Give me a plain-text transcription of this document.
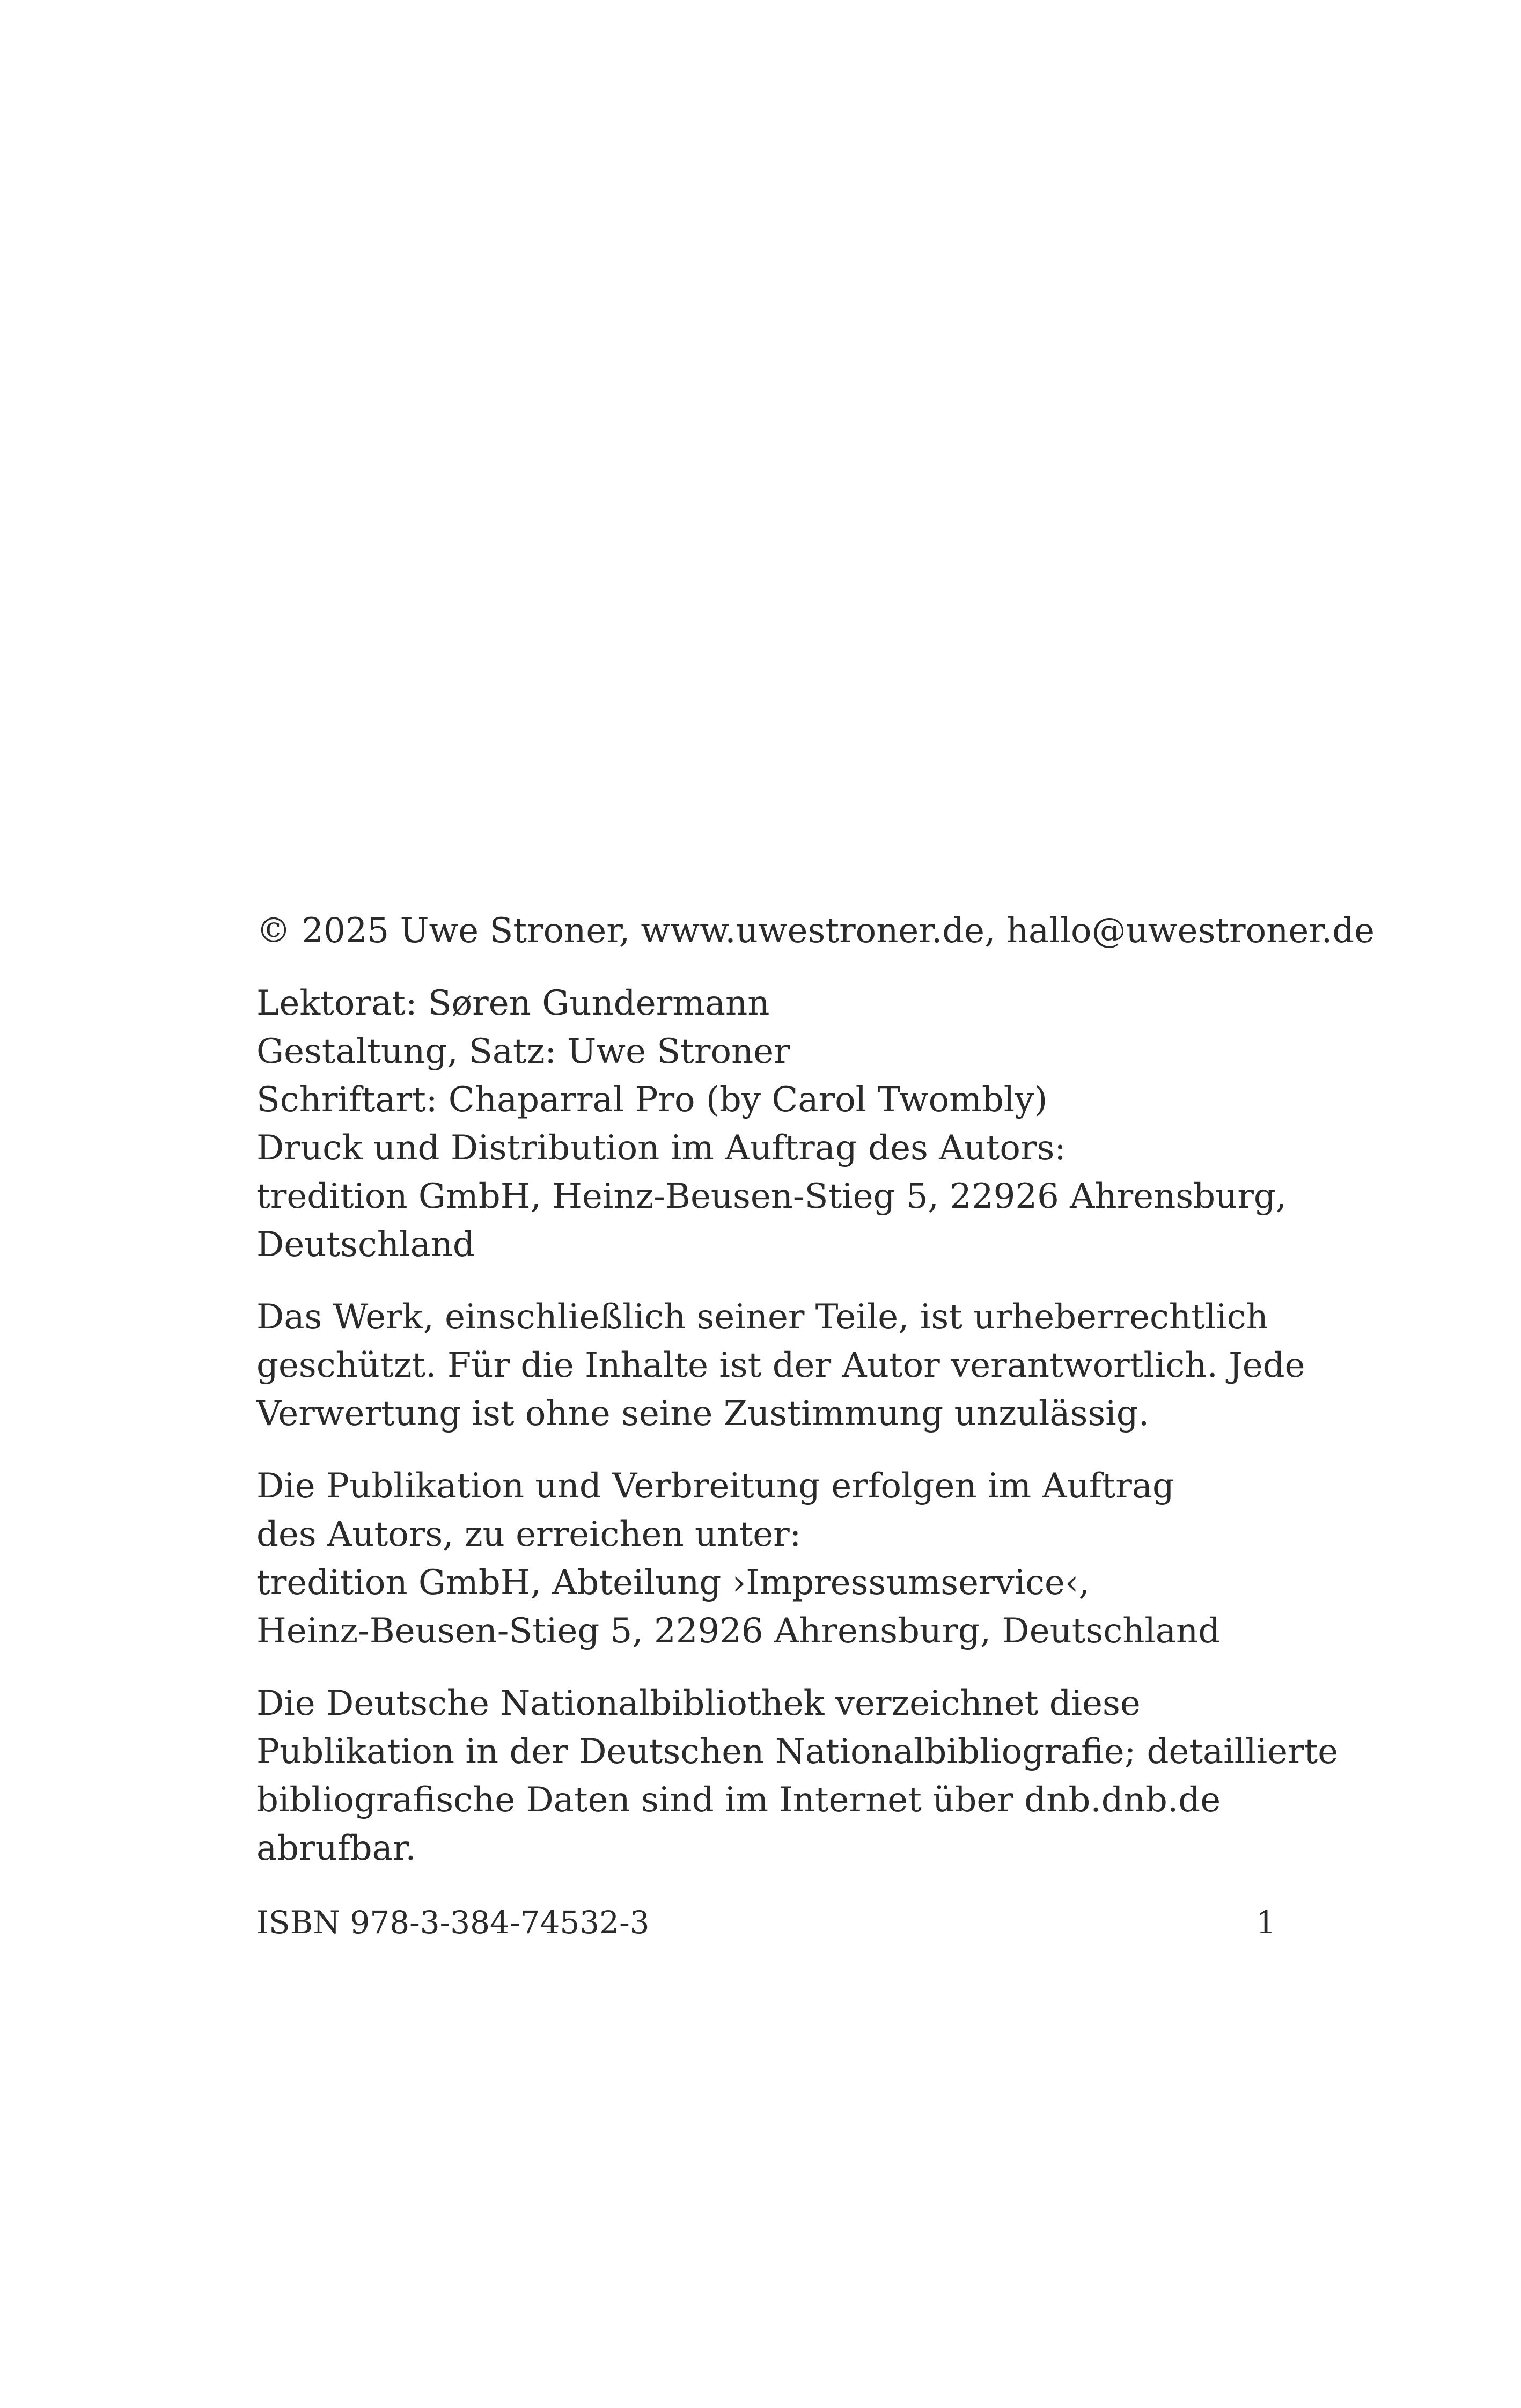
© 2025 Uwe Stroner, www.uwestroner.de, hallo@uwestroner.de
Lektorat: Søren Gundermann
Gestaltung, Satz: Uwe Stroner
Schriftart: Chaparral Pro (by Carol Twombly)
Druck und Distribution im Auftrag des Autors:
tredition GmbH, Heinz-Beusen-Stieg 5, 22926 Ahrensburg,
Deutschland
Das Werk, einschließlich seiner Teile, ist urheberrechtlich
geschützt. Für die Inhalte ist der Autor verantwortlich. Jede
Verwertung ist ohne seine Zustimmung unzulässig.
Die Publikation und Verbreitung erfolgen im Auftrag
des Autors, zu erreichen unter:
tredition GmbH, Abteilung ›Impressumservice‹,
Heinz-Beusen-Stieg 5, 22926 Ahrensburg, Deutschland
Die Deutsche Nationalbibliothek verzeichnet diese
Publikation in der Deutschen Nationalbibliografie; detaillierte
bibliografische Daten sind im Internet über dnb.dnb.de
abrufbar.
ISBN 978-3-384-74532-3	1
